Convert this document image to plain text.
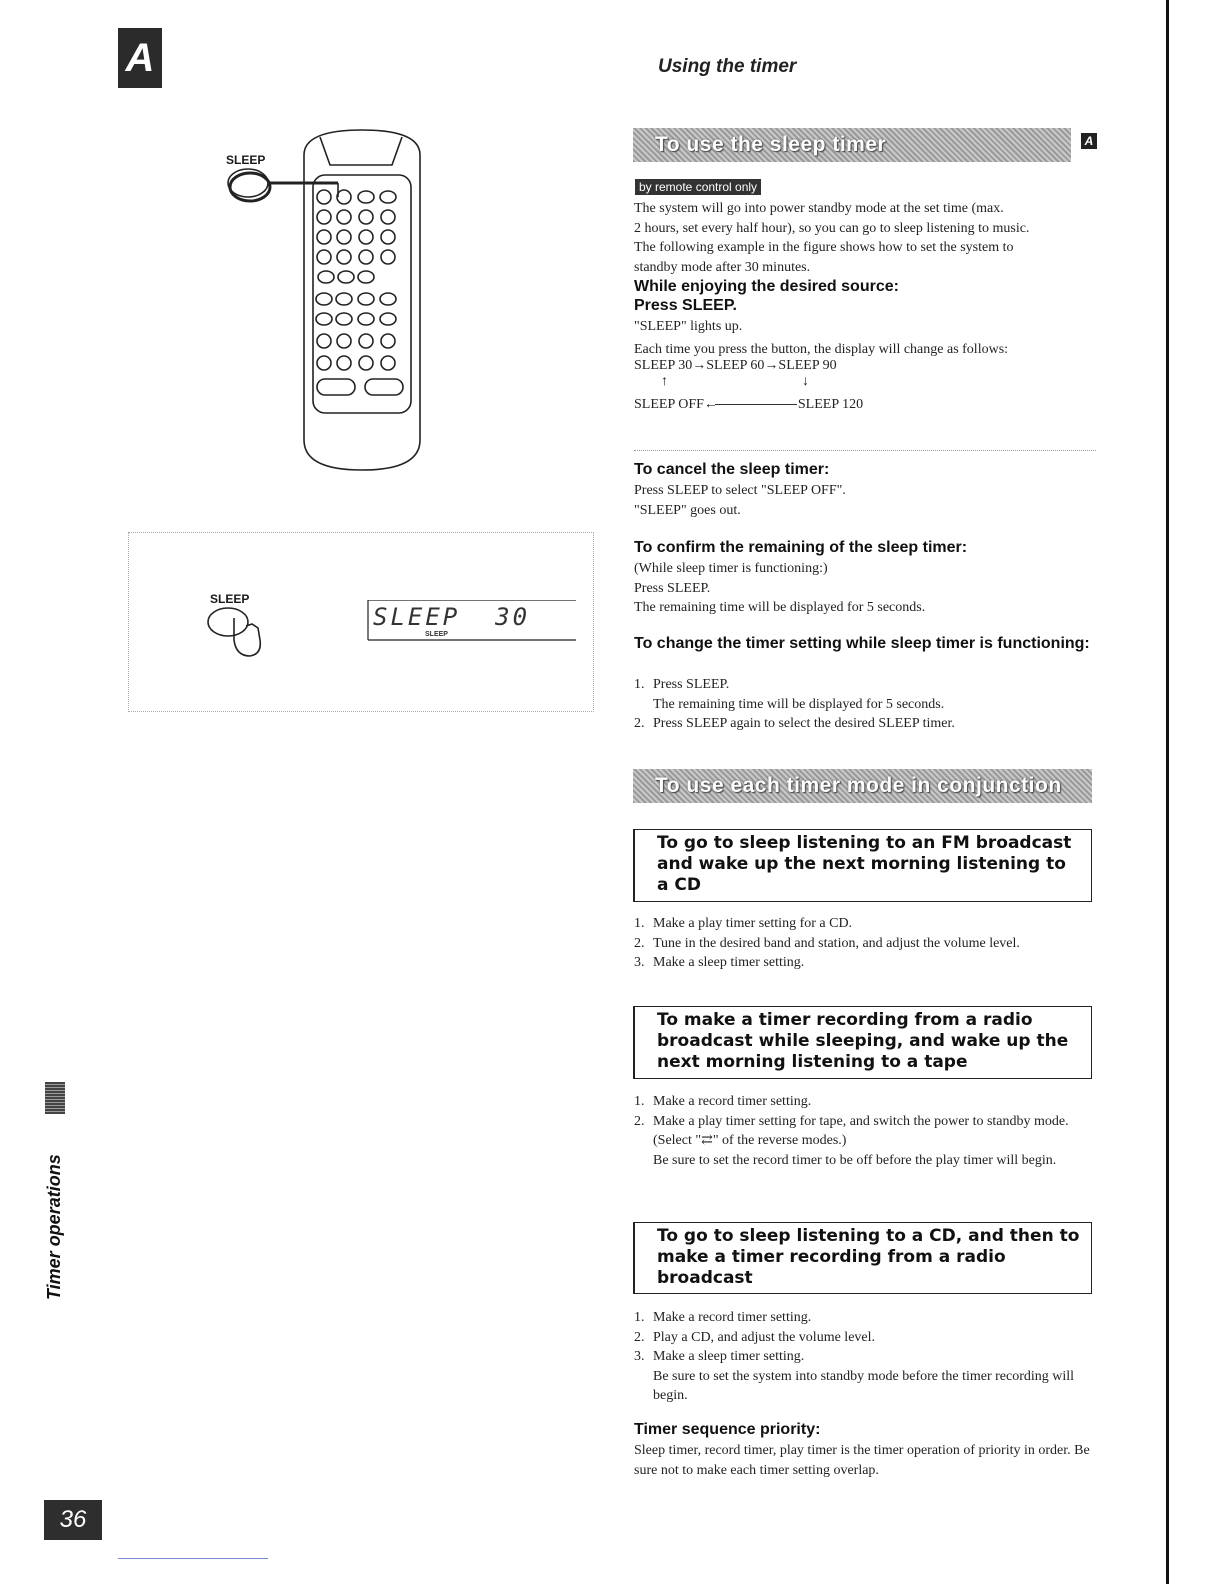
A	Using the timer
To use the sleep timer	A
by remote control only
The system will go into power standby mode at the set time (max.
2 hours, set every half hour), so you can go to sleep listening to music.
The following example in the figure shows how to set the system to
standby mode after 30 minutes.
While enjoying the desired source:
Press SLEEP.
"SLEEP" lights up.
Each time you press the button, the display will change as follows:
SLEEP 30→SLEEP 60→SLEEP 90
↑	↓
SLEEP OFF←	SLEEP 120
To cancel the sleep timer:
Press SLEEP to select "SLEEP OFF".
"SLEEP" goes out.
To confirm the remaining of the sleep timer:
(While sleep timer is functioning:)
Press SLEEP.
The remaining time will be displayed for 5 seconds.
To change the timer setting while sleep timer is functioning:
1. Press SLEEP.
The remaining time will be displayed for 5 seconds.
2. Press SLEEP again to select the desired SLEEP timer.
To use each timer mode in conjunction
To go to sleep listening to an FM broadcast and wake up the next morning listening to a CD
1. Make a play timer setting for a CD.
2. Tune in the desired band and station, and adjust the volume level.
3. Make a sleep timer setting.
To make a timer recording from a radio broadcast while sleeping, and wake up the next morning listening to a tape
1. Make a record timer setting.
2. Make a play timer setting for tape, and switch the power to standby mode. (Select "⇄" of the reverse modes.)
Be sure to set the record timer to be off before the play timer will begin.
To go to sleep listening to a CD, and then to make a timer recording from a radio broadcast
1. Make a record timer setting.
2. Play a CD, and adjust the volume level.
3. Make a sleep timer setting.
Be sure to set the system into standby mode before the timer recording will begin.
Timer sequence priority:
Sleep timer, record timer, play timer is the timer operation of priority in order. Be sure not to make each timer setting overlap.
SLEEP
SLEEP
SLEEP  30
SLEEP
Timer operations
36
